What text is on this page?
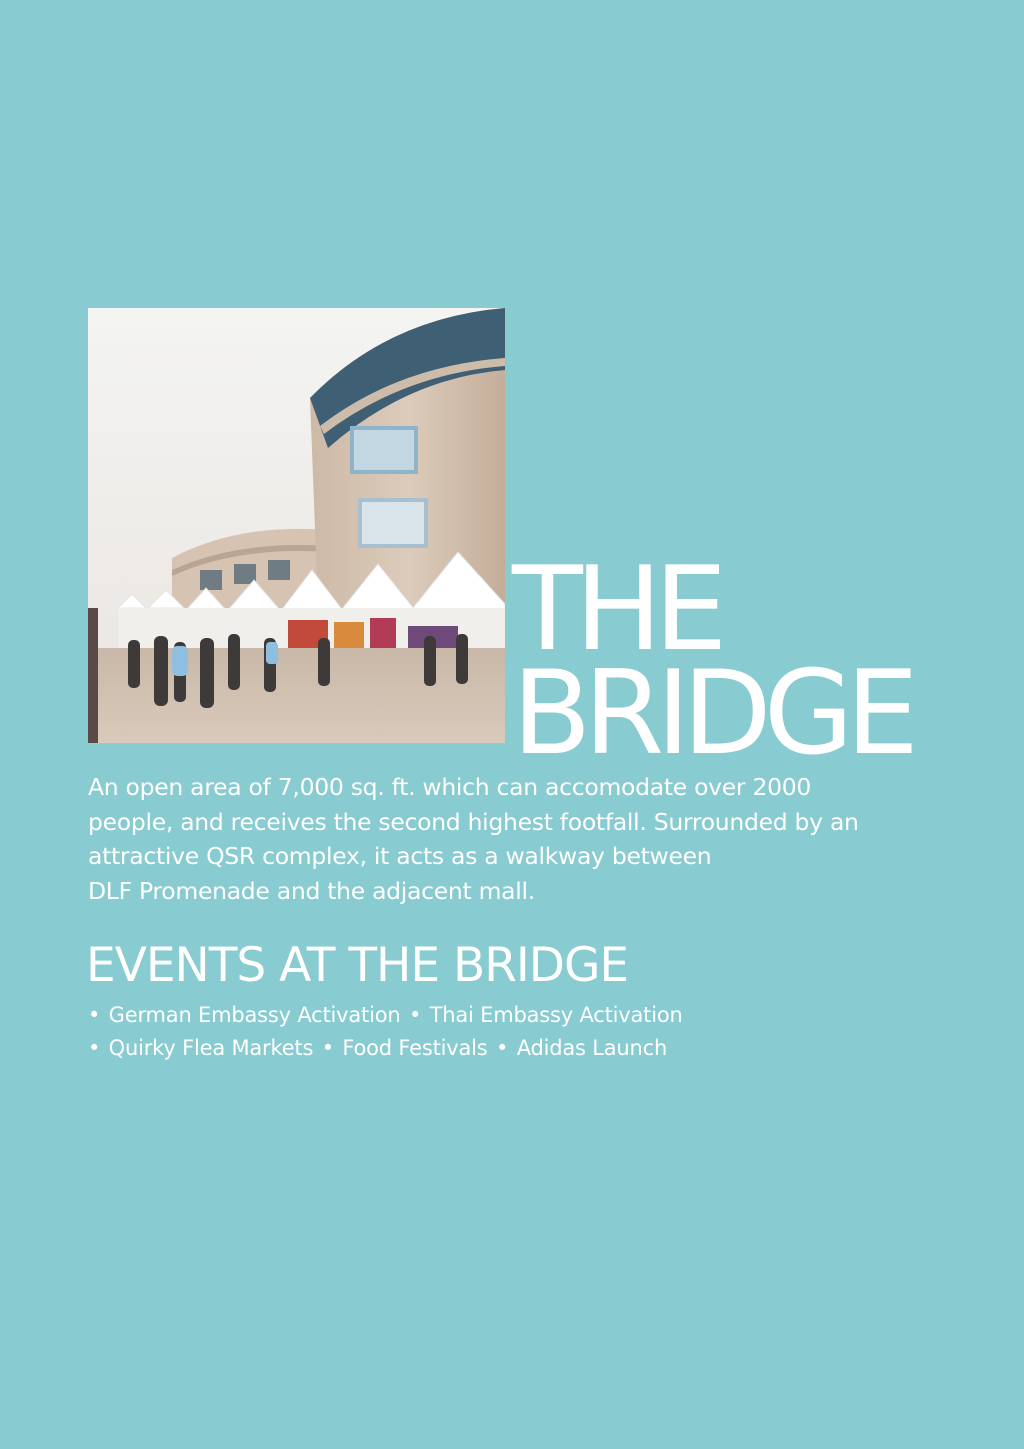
THE
BRIDGE

An open area of 7,000 sq. ft. which can accomodate over 2000
people, and receives the second highest footfall. Surrounded by an
attractive QSR complex, it acts as a walkway between
DLF Promenade and the adjacent mall.

EVENTS AT THE BRIDGE
• German Embassy Activation • Thai Embassy Activation
• Quirky Flea Markets • Food Festivals • Adidas Launch
